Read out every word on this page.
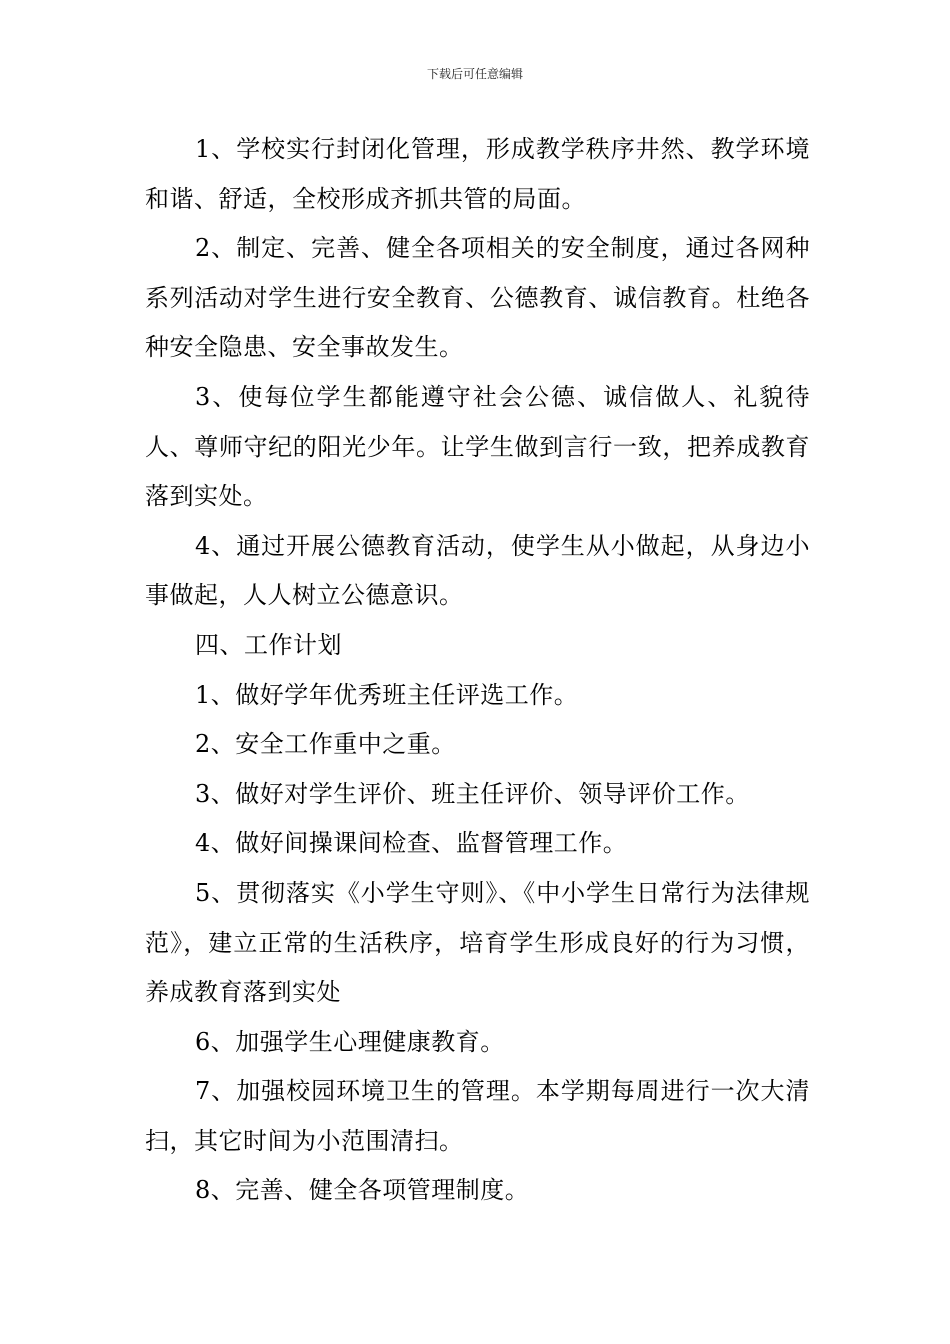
下载后可任意编辑

1、学校实行封闭化管理，形成教学秩序井然、教学环境和谐、舒适，全校形成齐抓共管的局面。

2、制定、完善、健全各项相关的安全制度，通过各网种系列活动对学生进行安全教育、公德教育、诚信教育。杜绝各种安全隐患、安全事故发生。

3、使每位学生都能遵守社会公德、诚信做人、礼貌待人、尊师守纪的阳光少年。让学生做到言行一致，把养成教育落到实处。

4、通过开展公德教育活动，使学生从小做起，从身边小事做起，人人树立公德意识。

四、工作计划

1、做好学年优秀班主任评选工作。

2、安全工作重中之重。

3、做好对学生评价、班主任评价、领导评价工作。

4、做好间操课间检查、监督管理工作。

5、贯彻落实《小学生守则》、《中小学生日常行为法律规范》，建立正常的生活秩序，培育学生形成良好的行为习惯，养成教育落到实处

6、加强学生心理健康教育。

7、加强校园环境卫生的管理。本学期每周进行一次大清扫，其它时间为小范围清扫。

8、完善、健全各项管理制度。
